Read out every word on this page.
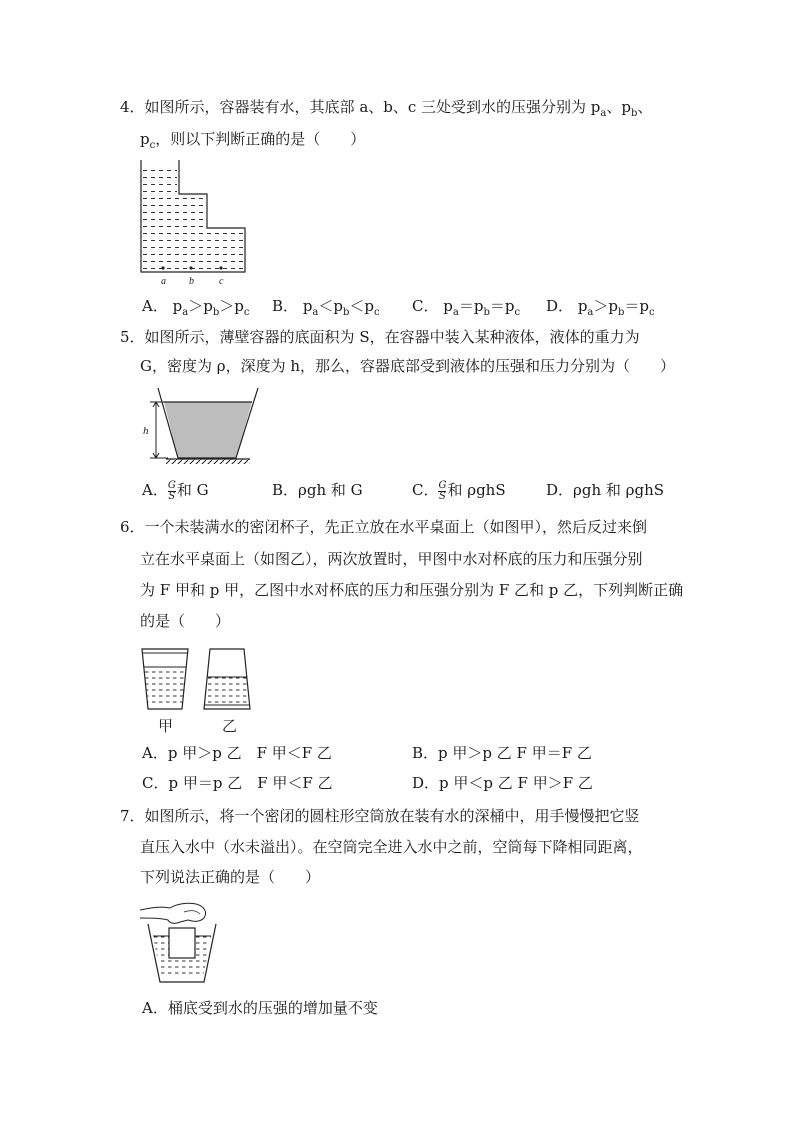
4．如图所示，容器装有水，其底部 a、b、c 三处受到水的压强分别为 $p_a$、$p_b$、
$p_c$，则以下判断正确的是（　　）
a b	c
A． $p_a>p_b>p_c$ B． $p_a<p_b<p_c$ C． $p_a=p_b=p_c$ D． $p_a>p_b=p_c$
5．如图所示，薄壁容器的底面积为 S，在容器中装入某种液体，液体的重力为
G，密度为 ρ，深度为 h，那么，容器底部受到液体的压强和压力分别为（　　）
h
A． $\frac{G}{S}$ 和 G	B．ρgh 和 G	C． $\frac{G}{S}$ 和 ρghS	D．ρgh 和 ρghS
6．一个未装满水的密闭杯子，先正立放在水平桌面上（如图甲），然后反过来倒
立在水平桌面上（如图乙），两次放置时，甲图中水对杯底的压力和压强分别
为 F 甲和 p 甲，乙图中水对杯底的压力和压强分别为 F 乙和 p 乙，下列判断正确
的是（　　）
甲	乙
A．p 甲＞p 乙　F 甲＜F 乙	B．p 甲＞p 乙 F 甲＝F 乙
C．p 甲＝p 乙　F 甲＜F 乙	D．p 甲＜p 乙 F 甲＞F 乙
7．如图所示，将一个密闭的圆柱形空筒放在装有水的深桶中，用手慢慢把它竖
直压入水中（水未溢出）。在空筒完全进入水中之前，空筒每下降相同距离，
下列说法正确的是（　　）
A．桶底受到水的压强的增加量不变
